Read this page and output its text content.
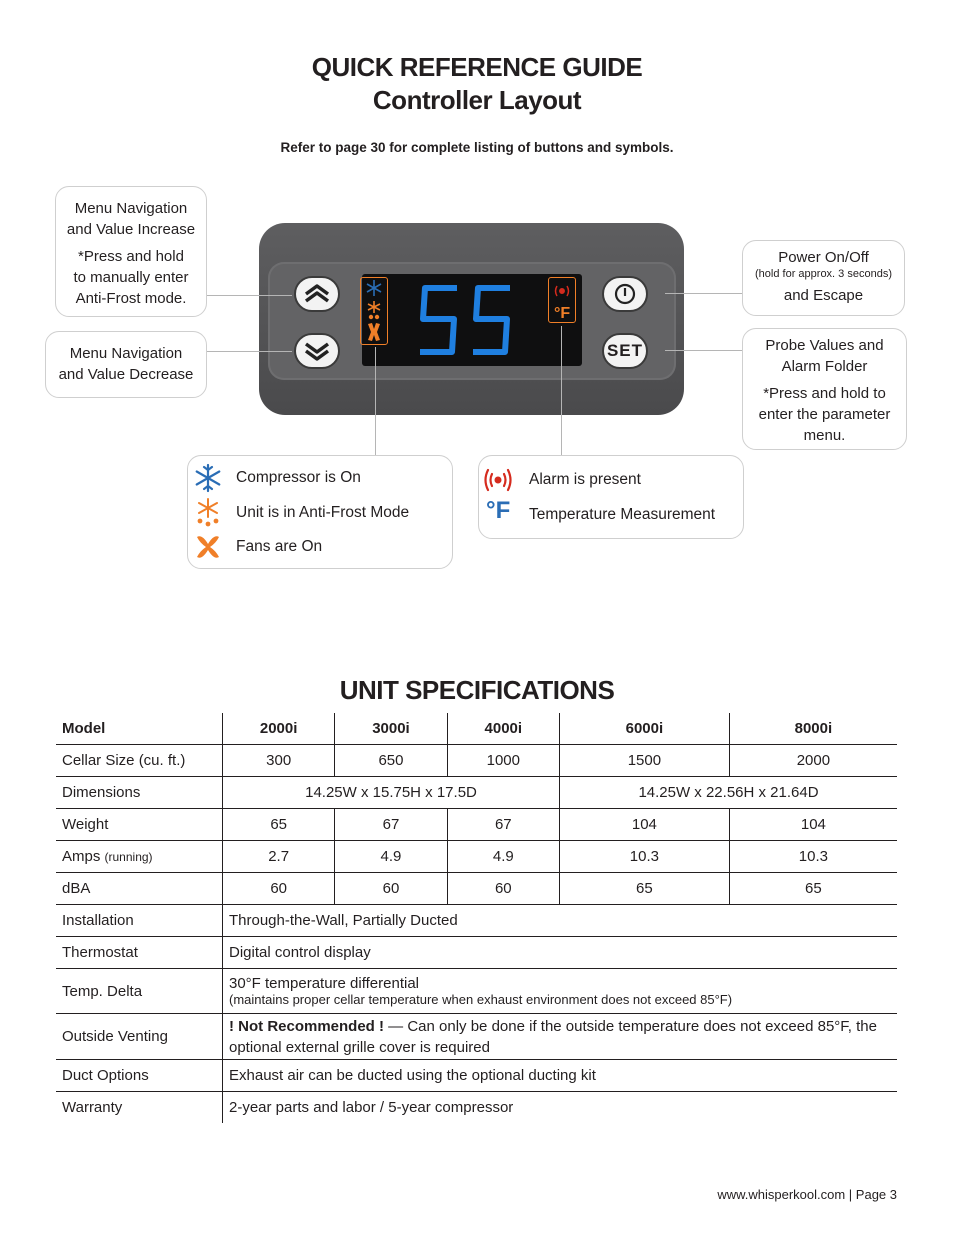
QUICK REFERENCE GUIDE
Controller Layout
Refer to page 30 for complete listing of buttons and symbols.
SET
°F

Menu Navigation

and Value Increase

*Press and hold

to manually enter

Anti-Frost mode.

Menu Navigation

and Value Decrease

Power On/Off

(hold for approx. 3 seconds)

and Escape

Probe Values and

Alarm Folder

*Press and hold to

enter the parameter

menu.

Compressor is On
Unit is in Anti-Frost Mode
Fans are On
Alarm is present
°F Temperature Measurement
UNIT SPECIFICATIONS
Model	2000i	3000i	4000i	6000i	8000i
Cellar Size (cu. ft.)	300	650	1000	1500	2000
Dimensions	14.25W x 15.75H x 17.5D			14.25W x 22.56H x 21.64D	
Weight	65	67	67	104	104
Amps (running)	2.7	4.9	4.9	10.3	10.3
dBA	60	60	60	65	65
Installation	Through-the-Wall, Partially Ducted				
Thermostat	Digital control display				
Temp. Delta	30°F temperature differential
(maintains proper cellar temperature when exhaust environment does not exceed 85°F)				

Outside Venting	! Not Recommended ! — Can only be done if the outside temperature does not exceed 85°F, the optional external grille cover is required				
Duct Options	Exhaust air can be ducted using the optional ducting kit				
Warranty	2-year parts and labor / 5-year compressor				
www.whisperkool.com | Page 3
